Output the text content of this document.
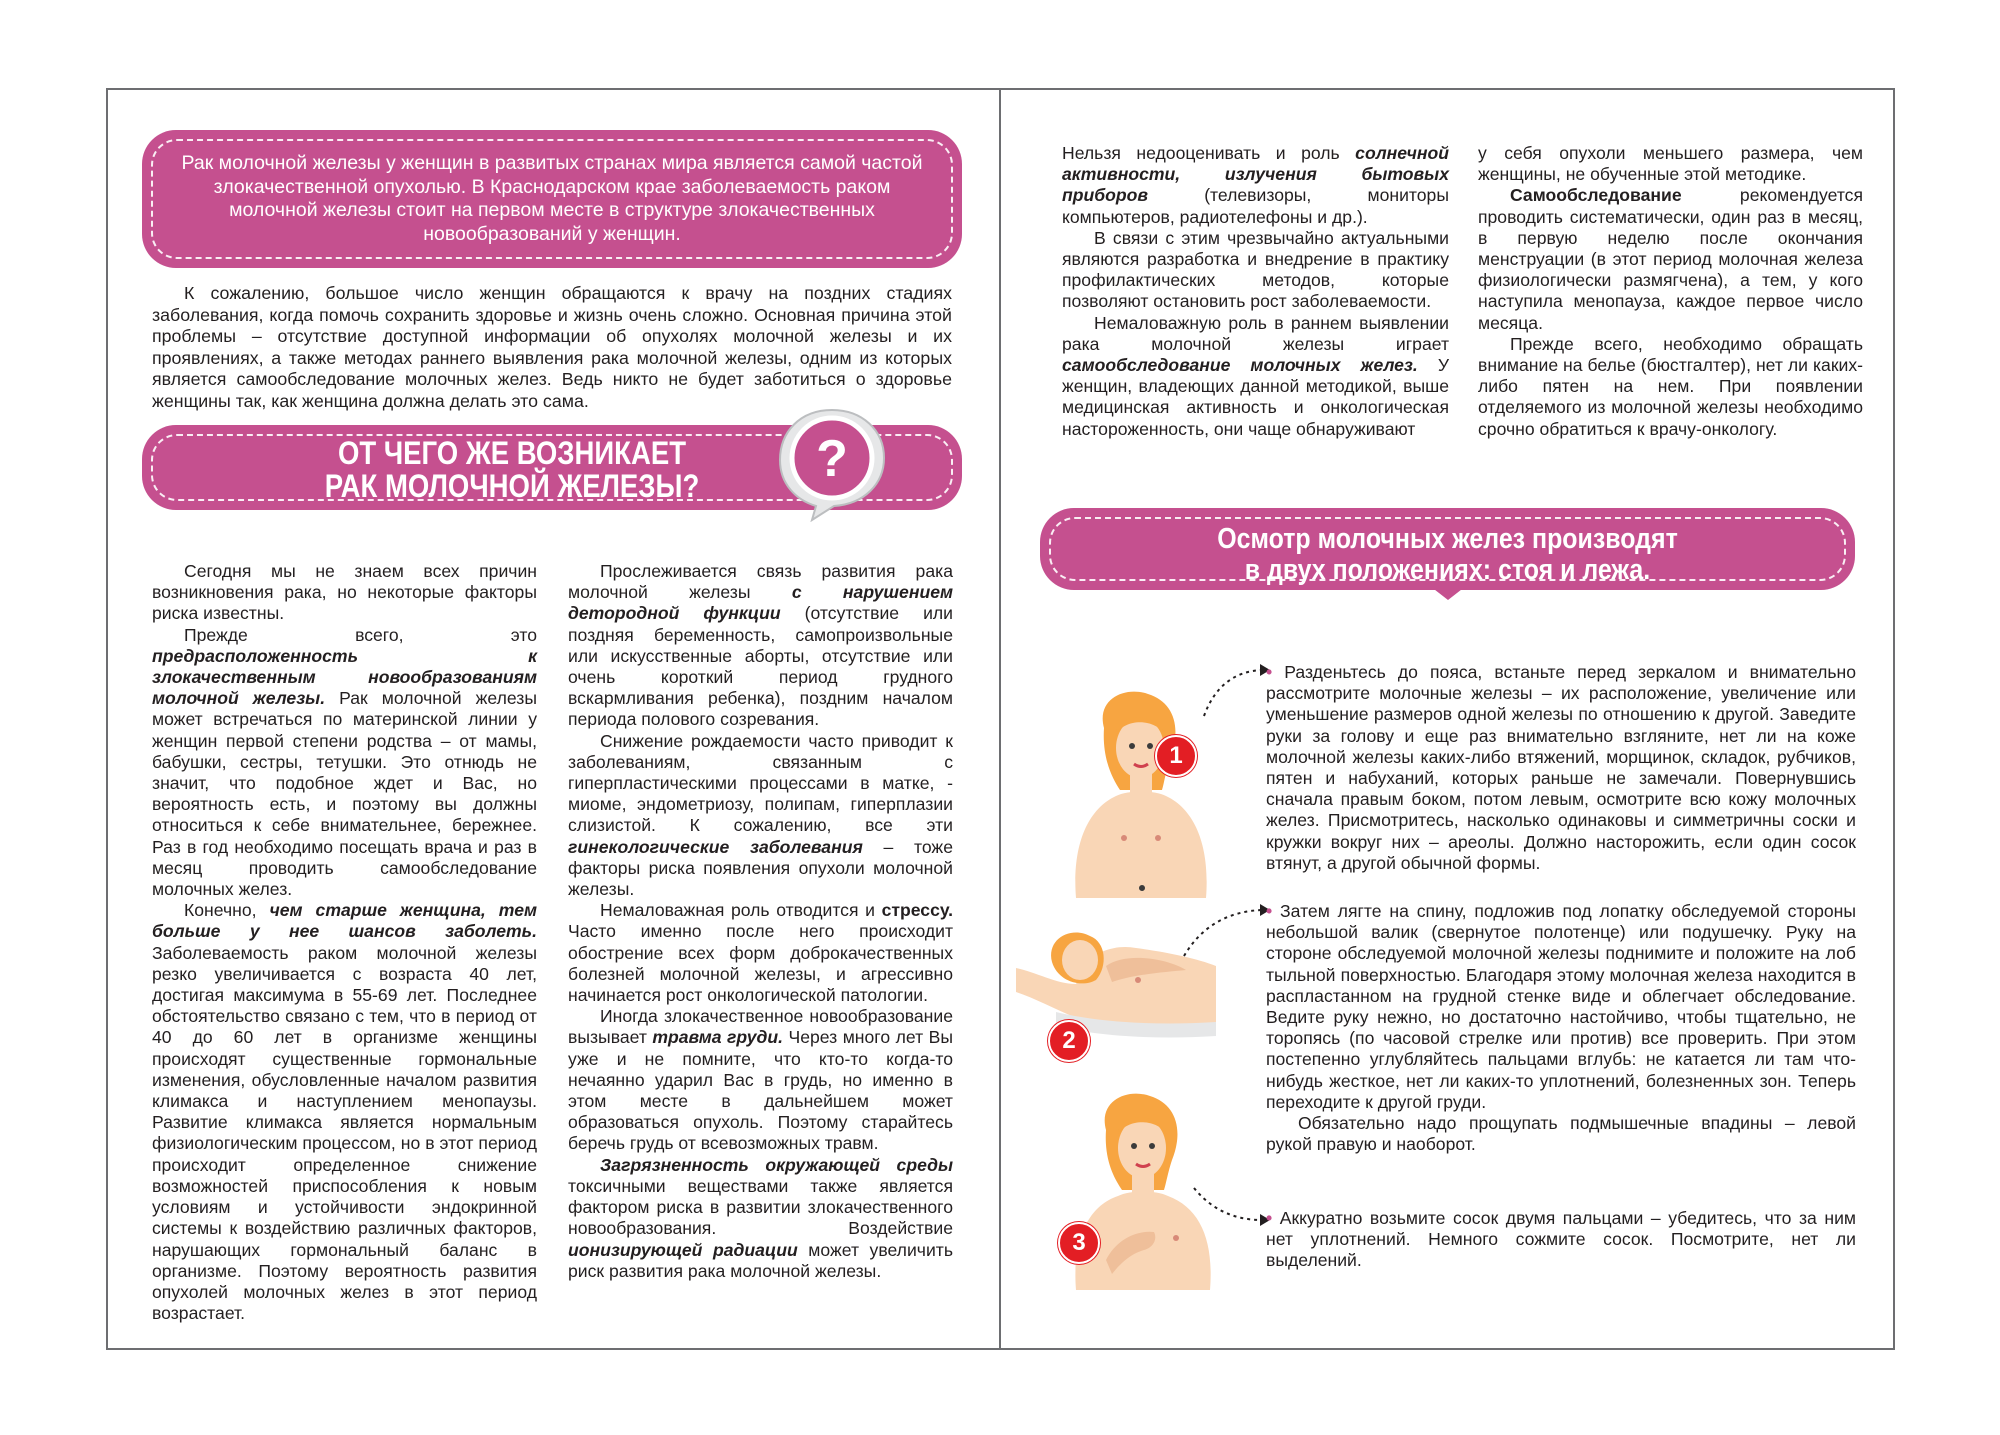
Рак молочной железы у женщин в развитых странах мира является самой частой злокачественной опухолью. В Краснодарском крае заболеваемость раком молочной железы стоит на первом месте в структуре злокачественных новообразований у женщин.

К сожалению, большое число женщин обращаются к врачу на поздних стадиях заболевания, когда помочь сохранить здоровье и жизнь очень сложно. Основная причина этой проблемы – отсутствие доступной информации об опухолях молочной железы и их проявлениях, а также методах раннего выявления рака молочной железы, одним из которых является самообследование молочных желез. Ведь никто не будет заботиться о здоровье женщины так, как женщина должна делать это сама.

ОТ ЧЕГО ЖЕ ВОЗНИКАЕТ
РАК МОЛОЧНОЙ ЖЕЛЕЗЫ?	?

Сегодня мы не знаем всех причин возникновения рака, но некоторые факторы риска известны.

Прежде всего, это предрасположенность к злокачественным новообразованиям молочной железы. Рак молочной железы может встречаться по материнской линии у женщин первой степени родства – от мамы, бабушки, сестры, тетушки. Это отнюдь не значит, что подобное ждет и Вас, но вероятность есть, и поэтому вы должны относиться к себе внимательнее, бережнее. Раз в год необходимо посещать врача и раз в месяц проводить самообследование молочных желез.

Конечно, чем старше женщина, тем больше у нее шансов заболеть. Заболеваемость раком молочной железы резко увеличивается с возраста 40 лет, достигая максимума в 55-69 лет. Последнее обстоятельство связано с тем, что в период от 40 до 60 лет в организме женщины происходят существенные гормональные изменения, обусловленные началом развития климакса и наступлением менопаузы. Развитие климакса является нормальным физиологическим процессом, но в этот период происходит определенное снижение возможностей приспособления к новым условиям и устойчивости эндокринной системы к воздействию различных факторов, нарушающих гормональный баланс в организме. Поэтому вероятность развития опухолей молочных желез в этот период возрастает.

Прослеживается связь развития рака молочной железы с нарушением детородной функции (отсутствие или поздняя беременность, самопроизвольные или искусственные аборты, отсутствие или очень короткий период грудного вскармливания ребенка), поздним началом периода полового созревания.

Снижение рождаемости часто приводит к заболеваниям, связанным с гиперпластическими процессами в матке, - миоме, эндометриозу, полипам, гиперплазии слизистой. К сожалению, все эти гинекологические заболевания – тоже факторы риска появления опухоли молочной железы.

Немаловажная роль отводится и стрессу. Часто именно после него происходит обострение всех форм доброкачественных болезней молочной железы, и агрессивно начинается рост онкологической патологии.

Иногда злокачественное новообразование вызывает травма груди. Через много лет Вы уже и не помните, что кто-то когда-то нечаянно ударил Вас в грудь, но именно в этом месте в дальнейшем может образоваться опухоль. Поэтому старайтесь беречь грудь от всевозможных травм.

Загрязненность окружающей среды токсичными веществами также является фактором риска в развитии злокачественного новообразования. Воздействие ионизирующей радиации может увеличить риск развития рака молочной железы.

Нельзя недооценивать и роль солнечной активности, излучения бытовых приборов (телевизоры, мониторы компьютеров, радиотелефоны и др.).

В связи с этим чрезвычайно актуальными являются разработка и внедрение в практику профилактических методов, которые позволяют остановить рост заболеваемости.

Немаловажную роль в раннем выявлении рака молочной железы играет самообследование молочных желез. У женщин, владеющих данной методикой, выше медицинская активность и онкологическая настороженность, они чаще обнаруживают

у себя опухоли меньшего размера, чем женщины, не обученные этой методике.

Самообследование рекомендуется проводить систематически, один раз в месяц, в первую неделю после окончания менструации (в этот период молочная железа физиологически размягчена), а тем, у кого наступила менопауза, каждое первое число месяца.

Прежде всего, необходимо обращать внимание на белье (бюстгалтер), нет ли каких-либо пятен на нем. При появлении отделяемого из молочной железы необходимо срочно обратиться к врачу-онкологу.

Осмотр молочных желез производят
в двух положениях: стоя и лежа.
1
2
3

• Разденьтесь до пояса, встаньте перед зеркалом и внимательно рассмотрите молочные железы – их расположение, увеличение или уменьшение размеров одной железы по отношению к другой. Заведите руки за голову и еще раз внимательно взгляните, нет ли на коже молочной железы каких-либо втяжений, морщинок, складок, рубчиков, пятен и набуханий, которых раньше не замечали. Повернувшись сначала правым боком, потом левым, осмотрите всю кожу молочных желез. Присмотритесь, насколько одинаковы и симметричны соски и кружки вокруг них – ареолы. Должно насторожить, если один сосок втянут, а другой обычной формы.

• Затем лягте на спину, подложив под лопатку обследуемой стороны небольшой валик (свернутое полотенце) или подушечку. Руку на стороне обследуемой молочной железы поднимите и положите на лоб тыльной поверхностью. Благодаря этому молочная железа находится в распластанном на грудной стенке виде и облегчает обследование. Ведите руку нежно, но достаточно настойчиво, чтобы тщательно, не торопясь (по часовой стрелке или против) все проверить. При этом постепенно углубляйтесь пальцами вглубь: не катается ли там что-нибудь жесткое, нет ли каких-то уплотнений, болезненных зон. Теперь переходите к другой груди.

Обязательно надо прощупать подмышечные впадины – левой рукой правую и наоборот.

• Аккуратно возьмите сосок двумя пальцами – убедитесь, что за ним нет уплотнений. Немного сожмите сосок. Посмотрите, нет ли выделений.
